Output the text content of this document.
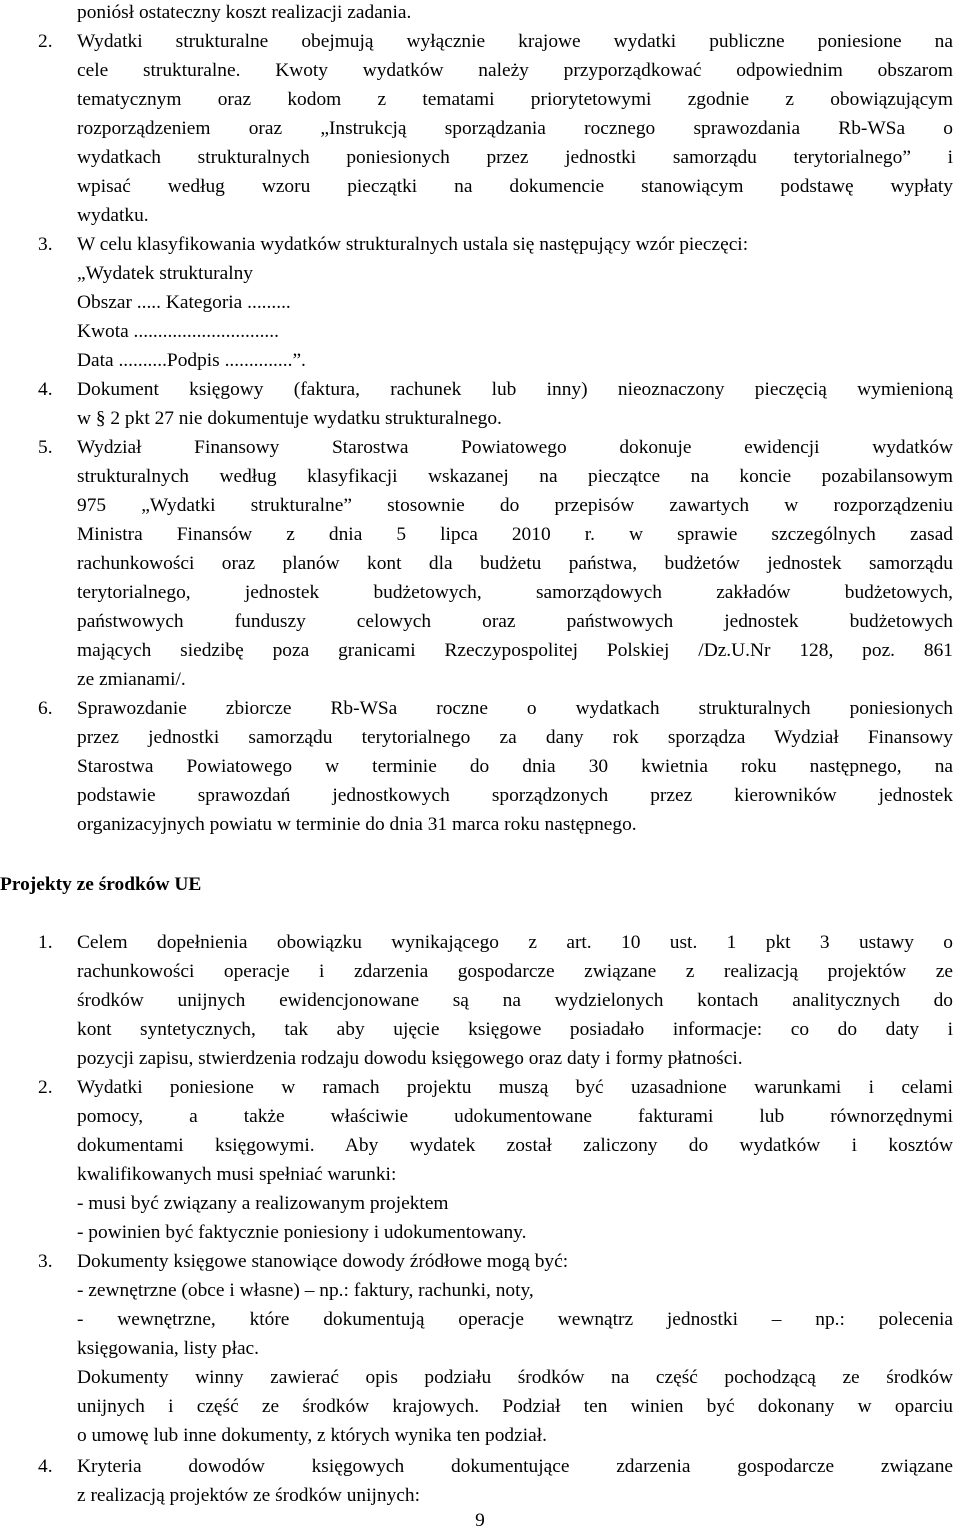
poniósł ostateczny koszt realizacji zadania.
2. Wydatki strukturalne obejmują wyłącznie krajowe wydatki publiczne poniesione na
cele strukturalne. Kwoty wydatków należy przyporządkować odpowiednim obszarom
tematycznym oraz kodom z tematami priorytetowymi zgodnie z obowiązującym
rozporządzeniem oraz „Instrukcją sporządzania rocznego sprawozdania Rb-WSa o
wydatkach strukturalnych poniesionych przez jednostki samorządu terytorialnego” i
wpisać według wzoru pieczątki na dokumencie stanowiącym podstawę wypłaty
wydatku.
3. W celu klasyfikowania wydatków strukturalnych ustala się następujący wzór pieczęci:
„Wydatek strukturalny
Obszar ..... Kategoria .........
Kwota ..............................
Data ..........Podpis ..............”.
4. Dokument księgowy (faktura, rachunek lub inny) nieoznaczony pieczęcią wymienioną
w § 2 pkt 27 nie dokumentuje wydatku strukturalnego.
5. Wydział Finansowy Starostwa Powiatowego dokonuje ewidencji wydatków
strukturalnych według klasyfikacji wskazanej na pieczątce na koncie pozabilansowym
975 „Wydatki strukturalne” stosownie do przepisów zawartych w rozporządzeniu
Ministra Finansów z dnia 5 lipca 2010 r. w sprawie szczególnych zasad
rachunkowości oraz planów kont dla budżetu państwa, budżetów jednostek samorządu
terytorialnego, jednostek budżetowych, samorządowych zakładów budżetowych,
państwowych funduszy celowych oraz państwowych jednostek budżetowych
mających siedzibę poza granicami Rzeczypospolitej Polskiej /Dz.U.Nr 128, poz. 861
ze zmianami/.
6. Sprawozdanie zbiorcze Rb-WSa roczne o wydatkach strukturalnych poniesionych
przez jednostki samorządu terytorialnego za dany rok sporządza Wydział Finansowy
Starostwa Powiatowego w terminie do dnia 30 kwietnia roku następnego, na
podstawie sprawozdań jednostkowych sporządzonych przez kierowników jednostek
organizacyjnych powiatu w terminie do dnia 31 marca roku następnego.
Projekty ze środków UE
1. Celem dopełnienia obowiązku wynikającego z art. 10 ust. 1 pkt 3 ustawy o
rachunkowości operacje i zdarzenia gospodarcze związane z realizacją projektów ze
środków unijnych ewidencjonowane są na wydzielonych kontach analitycznych do
kont syntetycznych, tak aby ujęcie księgowe posiadało informacje: co do daty i
pozycji zapisu, stwierdzenia rodzaju dowodu księgowego oraz daty i formy płatności.
2. Wydatki poniesione w ramach projektu muszą być uzasadnione warunkami i celami
pomocy, a także właściwie udokumentowane fakturami lub równorzędnymi
dokumentami księgowymi. Aby wydatek został zaliczony do wydatków i kosztów
kwalifikowanych musi spełniać warunki:
- musi być związany a realizowanym projektem
- powinien być faktycznie poniesiony i udokumentowany.
3. Dokumenty księgowe stanowiące dowody źródłowe mogą być:
- zewnętrzne (obce i własne) – np.: faktury, rachunki, noty,
- wewnętrzne, które dokumentują operacje wewnątrz jednostki – np.: polecenia
księgowania, listy płac.
Dokumenty winny zawierać opis podziału środków na część pochodzącą ze środków
unijnych i część ze środków krajowych. Podział ten winien być dokonany w oparciu
o umowę lub inne dokumenty, z których wynika ten podział.
4. Kryteria dowodów księgowych dokumentujące zdarzenia gospodarcze związane
z realizacją projektów ze środków unijnych:
9
